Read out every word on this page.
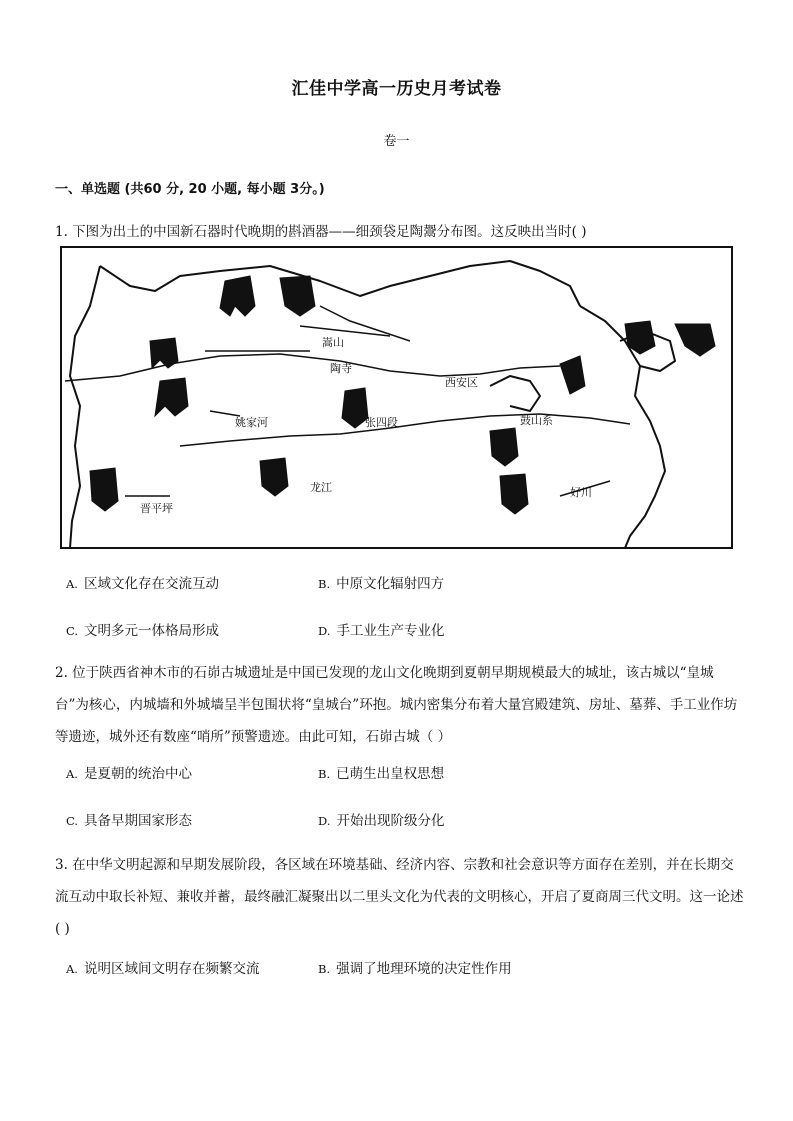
汇佳中学高一历史月考试卷
卷一
一、单选题 (共60 分, 20 小题, 每小题 3分。)
1. 下图为出土的中国新石器时代晚期的斟酒器——细颈袋足陶鬶分布图。这反映出当时( )
嵩山
陶寺
西安区
姚家河	张四段	鼓山系
龙江
晋平坪
好川
A. 区域文化存在交流互动	B. 中原文化辐射四方
C. 文明多元一体格局形成	D. 手工业生产专业化
2. 位于陕西省神木市的石峁古城遗址是中国已发现的龙山文化晚期到夏朝早期规模最大的城址，该古城以“皇城台”为核心，内城墙和外城墙呈半包围状将“皇城台”环抱。城内密集分布着大量宫殿建筑、房址、墓葬、手工业作坊等遗迹，城外还有数座“哨所”预警遗迹。由此可知，石峁古城（ ）
A. 是夏朝的统治中心	B. 已萌生出皇权思想
C. 具备早期国家形态	D. 开始出现阶级分化
3. 在中华文明起源和早期发展阶段，各区域在环境基础、经济内容、宗教和社会意识等方面存在差别，并在长期交流互动中取长补短、兼收并蓄，最终融汇凝聚出以二里头文化为代表的文明核心，开启了夏商周三代文明。这一论述( )
A. 说明区域间文明存在频繁交流	B. 强调了地理环境的决定性作用
